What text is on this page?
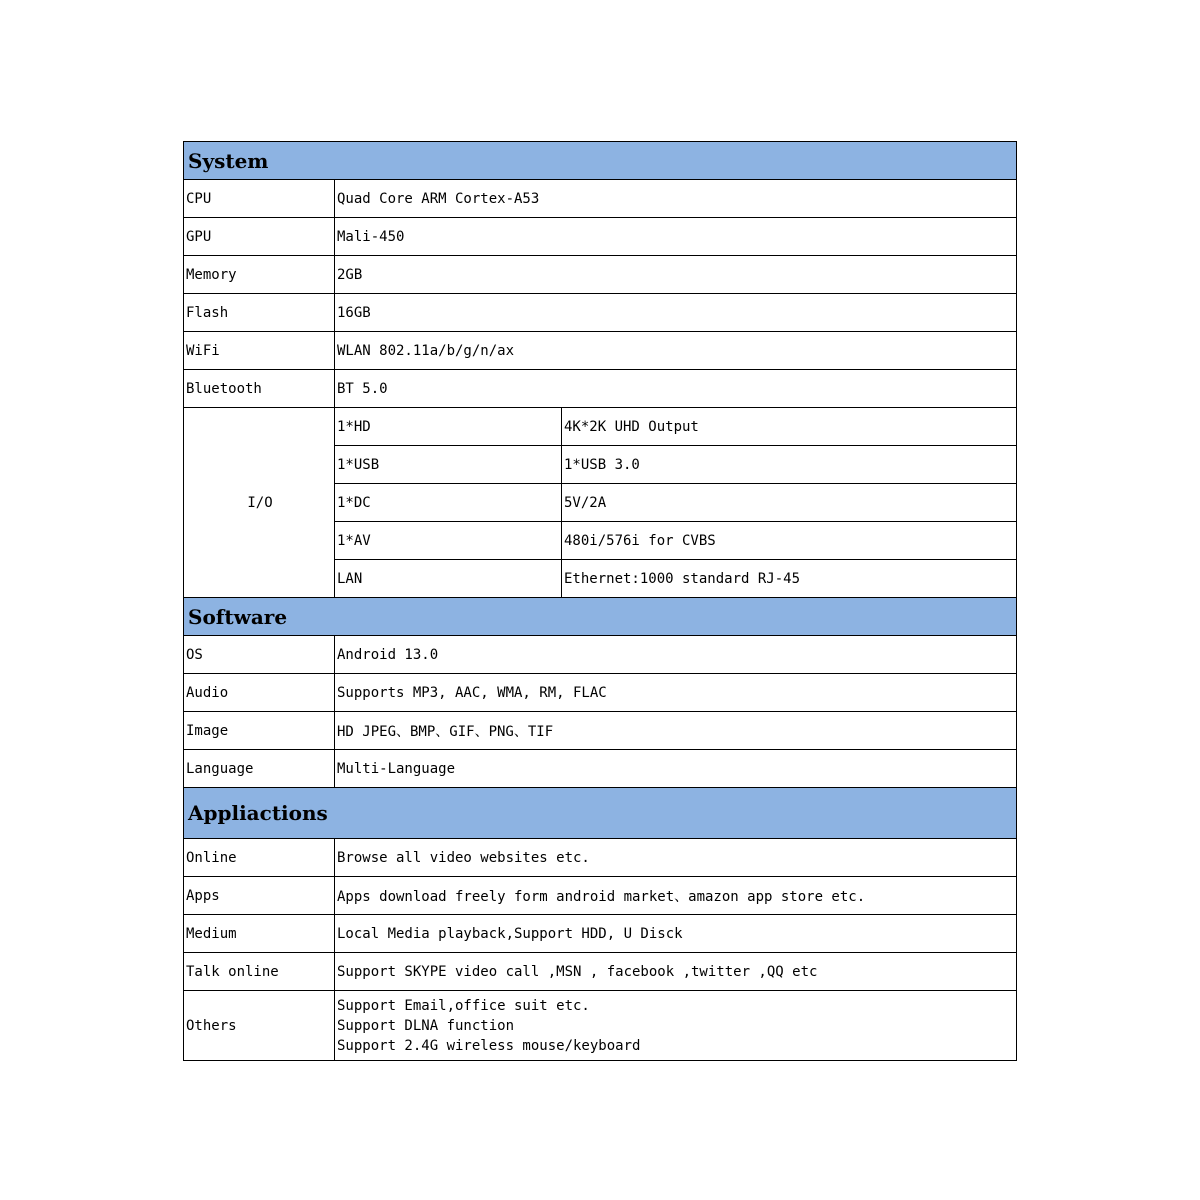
System		
CPU	Quad Core ARM Cortex-A53	
GPU	Mali-450	
Memory	2GB	
Flash	16GB	
WiFi	WLAN 802.11a/b/g/n/ax	
Bluetooth	BT 5.0	
I/O	1*HD	4K*2K UHD Output
	1*USB	1*USB 3.0
	1*DC	5V/2A
	1*AV	480i/576i for CVBS
	LAN	Ethernet:1000 standard RJ-45
Software		
OS	Android 13.0	
Audio	Supports MP3, AAC, WMA, RM, FLAC	
Image	HD JPEG、BMP、GIF、PNG、TIF	
Language	Multi-Language	
Appliactions		
Online	Browse all video websites etc.	
Apps	Apps download freely form android market、amazon app store etc.	
Medium	Local Media playback,Support HDD, U Disck	
Talk online	Support SKYPE video call ,MSN , facebook ,twitter ,QQ etc	
Others	Support Email,office suit etc.
Support DLNA function
Support 2.4G wireless mouse/keyboard	
